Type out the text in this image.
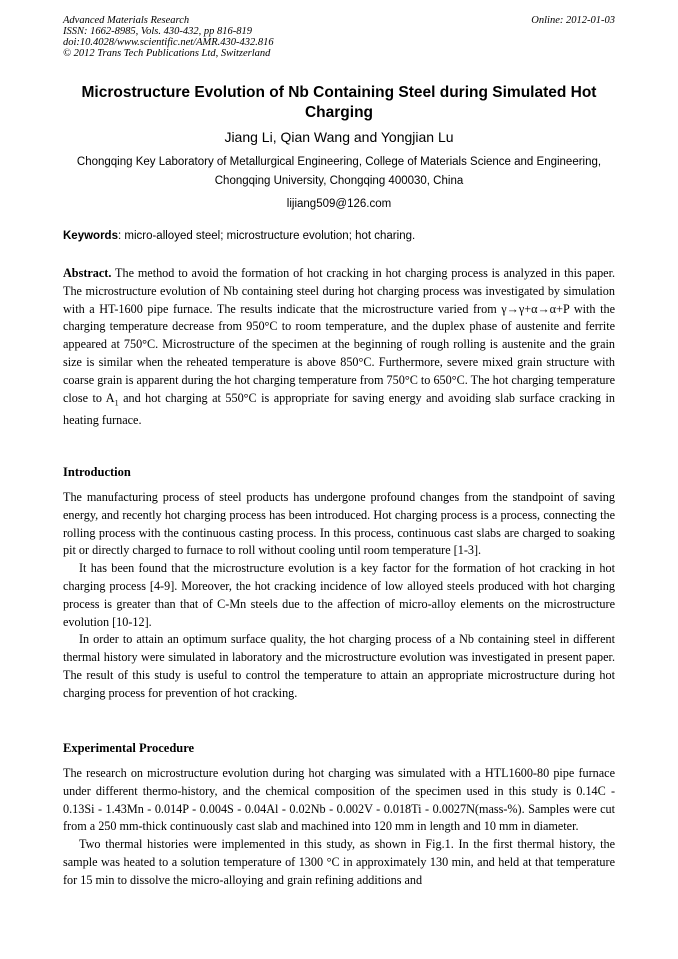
Advanced Materials Research
ISSN: 1662-8985, Vols. 430-432, pp 816-819
doi:10.4028/www.scientific.net/AMR.430-432.816
© 2012 Trans Tech Publications Ltd, Switzerland
Online: 2012-01-03
Microstructure Evolution of Nb Containing Steel during Simulated Hot Charging
Jiang Li, Qian Wang and Yongjian Lu
Chongqing Key Laboratory of Metallurgical Engineering, College of Materials Science and Engineering, Chongqing University, Chongqing 400030, China
lijiang509@126.com
Keywords: micro-alloyed steel; microstructure evolution; hot charing.

Abstract. The method to avoid the formation of hot cracking in hot charging process is analyzed in this paper. The microstructure evolution of Nb containing steel during hot charging process was investigated by simulation with a HT-1600 pipe furnace. The results indicate that the microstructure varied from γ→γ+α→α+P with the charging temperature decrease from 950°C to room temperature, and the duplex phase of austenite and ferrite appeared at 750°C. Microstructure of the specimen at the beginning of rough rolling is austenite and the grain size is similar when the reheated temperature is above 850°C. Furthermore, severe mixed grain structure with coarse grain is apparent during the hot charging temperature from 750°C to 650°C. The hot charging temperature close to $A_1$ and hot charging at 550°C is appropriate for saving energy and avoiding slab surface cracking in heating furnace.

Introduction

The manufacturing process of steel products has undergone profound changes from the standpoint of saving energy, and recently hot charging process has been introduced. Hot charging process is a process, connecting the rolling process with the continuous casting process. In this process, continuous cast slabs are charged to soaking pit or directly charged to furnace to roll without cooling until room temperature [1-3].

It has been found that the microstructure evolution is a key factor for the formation of hot cracking in hot charging process [4-9]. Moreover, the hot cracking incidence of low alloyed steels produced with hot charging process is greater than that of C-Mn steels due to the affection of micro-alloy elements on the microstructure evolution [10-12].

In order to attain an optimum surface quality, the hot charging process of a Nb containing steel in different thermal history were simulated in laboratory and the microstructure evolution was investigated in present paper. The result of this study is useful to control the temperature to attain an appropriate microstructure during hot charging process for prevention of hot cracking.

Experimental Procedure

The research on microstructure evolution during hot charging was simulated with a HTL1600-80 pipe furnace under different thermo-history, and the chemical composition of the specimen used in this study is 0.14C - 0.13Si - 1.43Mn - 0.014P - 0.004S - 0.04Al - 0.02Nb - 0.002V - 0.018Ti - 0.0027N(mass-%). Samples were cut from a 250 mm-thick continuously cast slab and machined into 120 mm in length and 10 mm in diameter.

Two thermal histories were implemented in this study, as shown in Fig.1. In the first thermal history, the sample was heated to a solution temperature of 1300 °C in approximately 130 min, and held at that temperature for 15 min to dissolve the micro-alloying and grain refining additions and
